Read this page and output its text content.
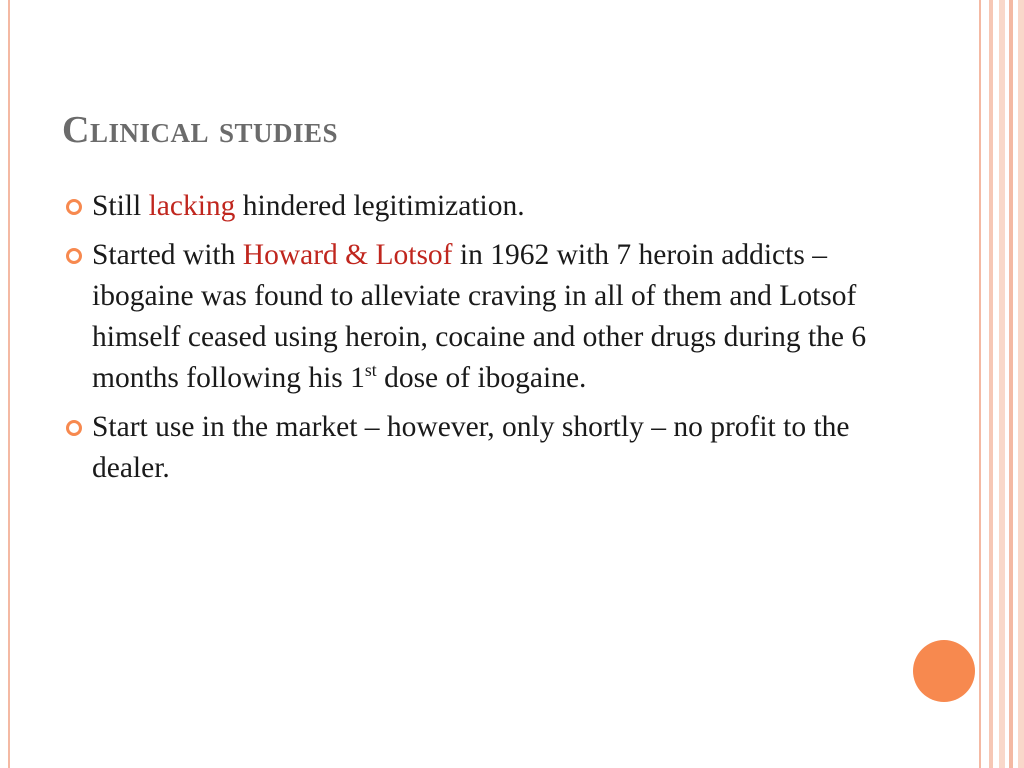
Clinical studies

Still lacking hindered legitimization.

Started with Howard & Lotsof in 1962 with 7 heroin addicts – ibogaine was found to alleviate craving in all of them and Lotsof himself ceased using heroin, cocaine and other drugs during the 6 months following his 1st dose of ibogaine.

Start use in the market – however, only shortly – no profit to the dealer.
